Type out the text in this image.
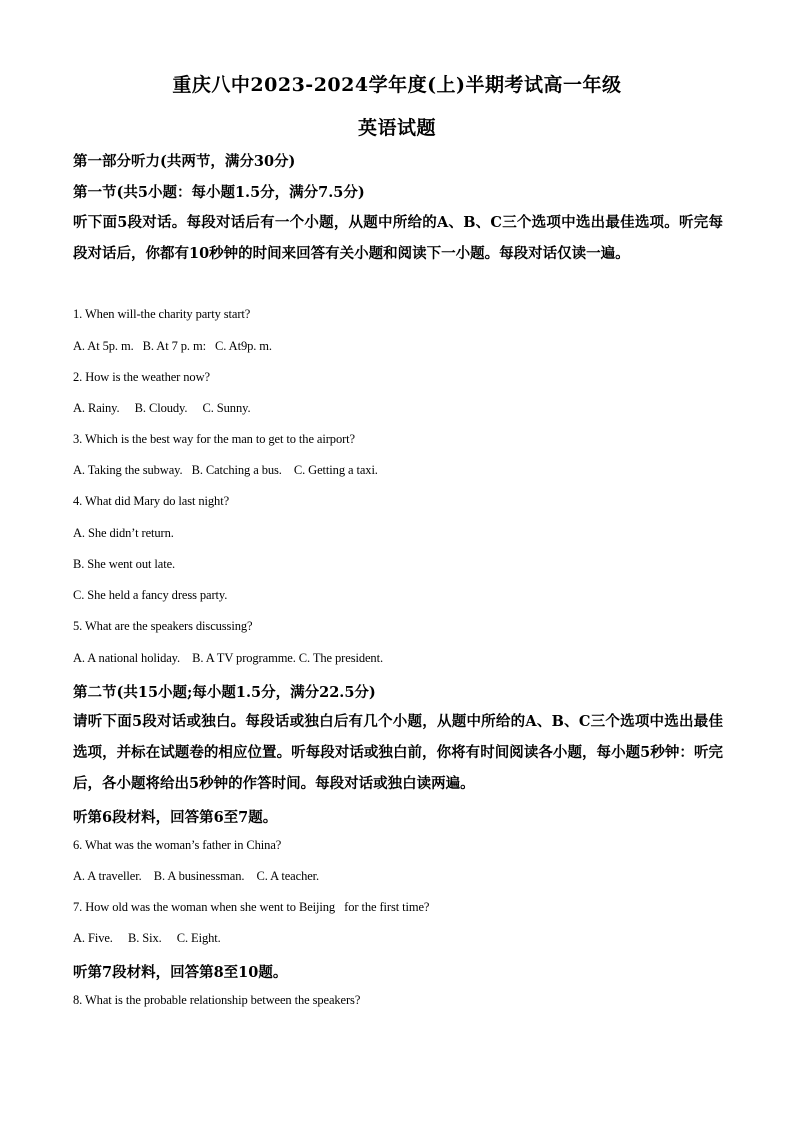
重庆八中2023-2024学年度(上)半期考试高一年级
英语试题
第一部分听力(共两节，满分30分)
第一节(共5小题：每小题1.5分，满分7.5分)
听下面5段对话。每段对话后有一个小题，从题中所给的A、B、C三个选项中选出最佳选项。听完每段对话后，你都有10秒钟的时间来回答有关小题和阅读下一小题。每段对话仅读一遍。
1. When will-the charity party start?
A. At 5p. m.   B. At 7 p. m:   C. At9p. m.
2. How is the weather now?
A. Rainy.     B. Cloudy.     C. Sunny.
3. Which is the best way for the man to get to the airport?
A. Taking the subway.   B. Catching a bus.    C. Getting a taxi.
4. What did Mary do last night?
A. She didn’t return.
B. She went out late.
C. She held a fancy dress party.
5. What are the speakers discussing?
A. A national holiday.    B. A TV programme. C. The president.
第二节(共15小题;每小题1.5分，满分22.5分)
请听下面5段对话或独白。每段话或独白后有几个小题，从题中所给的A、B、C三个选项中选出最佳选项，并标在试题卷的相应位置。听每段对话或独白前，你将有时间阅读各小题，每小题5秒钟：听完后，各小题将给出5秒钟的作答时间。每段对话或独白读两遍。
听第6段材料，回答第6至7题。
6. What was the woman’s father in China?
A. A traveller.    B. A businessman.    C. A teacher.
7. How old was the woman when she went to Beijing   for the first time?
A. Five.     B. Six.     C. Eight.
听第7段材料，回答第8至10题。
8. What is the probable relationship between the speakers?
